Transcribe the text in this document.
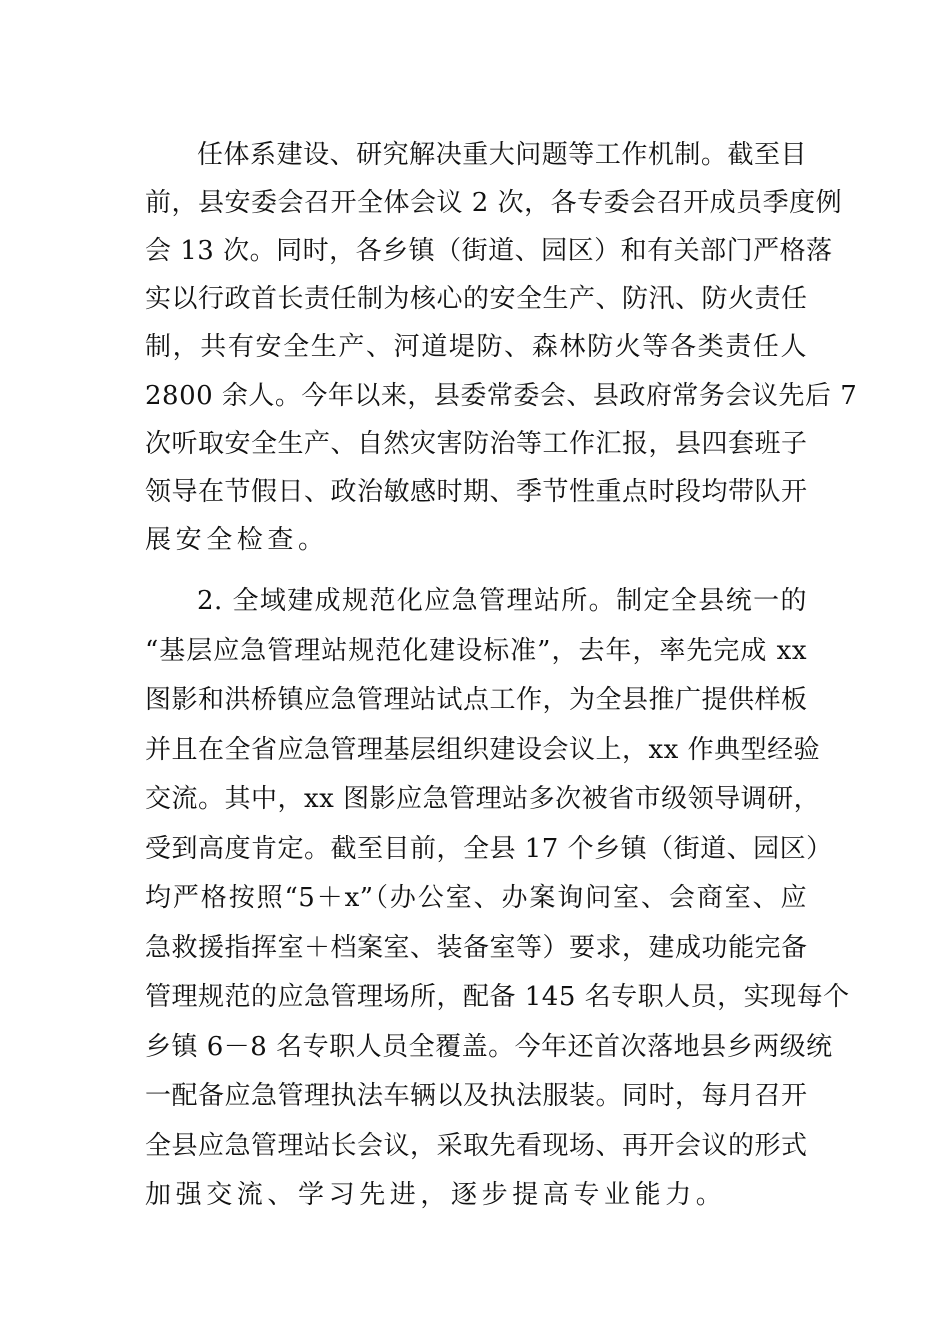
任体系建设、研究解决重大问题等工作机制。截至目
前，县安委会召开全体会议 2 次，各专委会召开成员季度例
会 13 次。同时，各乡镇（街道、园区）和有关部门严格落
实以行政首长责任制为核心的安全生产、防汛、防火责任
制，共有安全生产、河道堤防、森林防火等各类责任人
2800 余人。今年以来，县委常委会、县政府常务会议先后 7
次听取安全生产、自然灾害防治等工作汇报，县四套班子
领导在节假日、政治敏感时期、季节性重点时段均带队开
展安全检查。
2. 全域建成规范化应急管理站所。制定全县统一的
“基层应急管理站规范化建设标准”，去年，率先完成 xx
图影和洪桥镇应急管理站试点工作，为全县推广提供样板
并且在全省应急管理基层组织建设会议上，xx 作典型经验
交流。其中，xx 图影应急管理站多次被省市级领导调研，
受到高度肯定。截至目前，全县 17 个乡镇（街道、园区）
均严格按照“5＋x”（办公室、办案询问室、会商室、应
急救援指挥室＋档案室、装备室等）要求，建成功能完备
管理规范的应急管理场所，配备 145 名专职人员，实现每个
乡镇 6－8 名专职人员全覆盖。今年还首次落地县乡两级统
一配备应急管理执法车辆以及执法服装。同时，每月召开
全县应急管理站长会议，采取先看现场、再开会议的形式
加强交流、学习先进，逐步提高专业能力。
